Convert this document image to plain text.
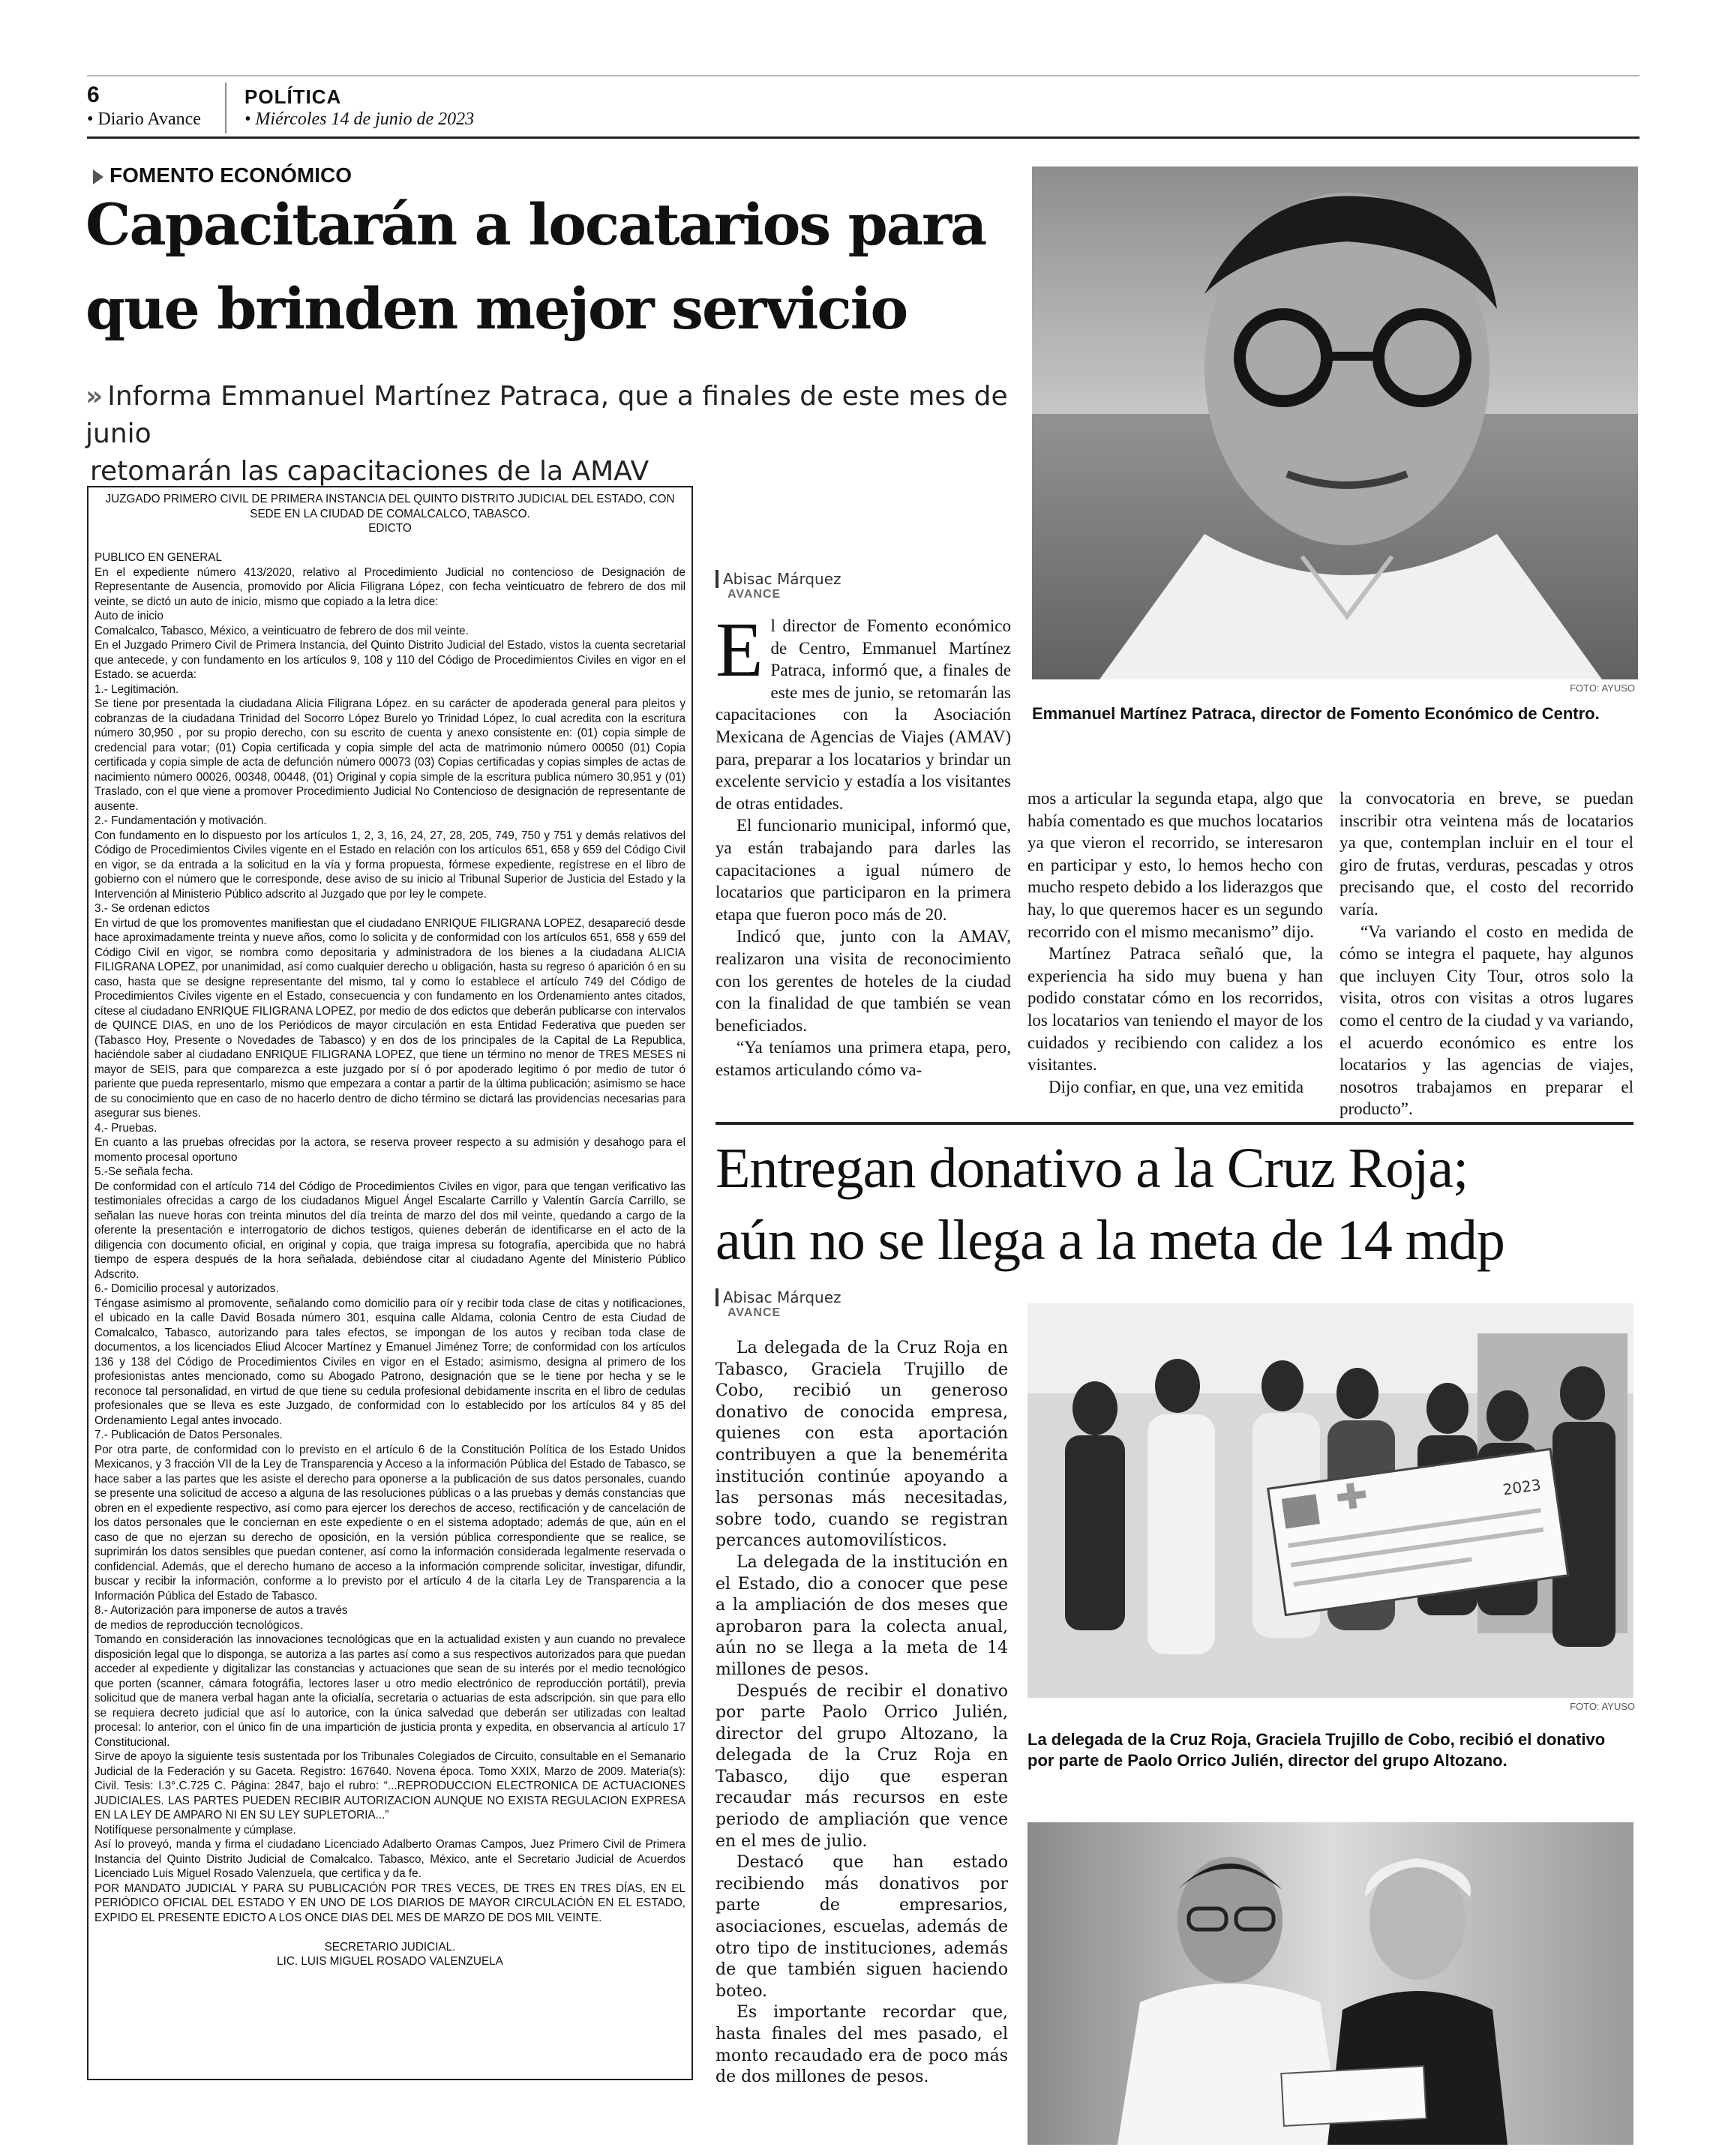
6
• Diario Avance
POLÍTICA
• Miércoles 14 de junio de 2023
FOMENTO ECONÓMICO
Capacitarán a locatarios para
que brinden mejor servicio
» Informa Emmanuel Martínez Patraca, que a finales de este mes de junio
retomarán las capacitaciones de la AMAV
FOTO: AYUSO
Emmanuel Martínez Patraca, director de Fomento Económico de Centro.
Abisac Márquez
AVANCE

El director de Fomento económico de Centro, Emmanuel Martínez Patraca, informó que, a finales de este mes de junio, se retomarán las capacitaciones con la Asociación Mexicana de Agencias de Viajes (AMAV) para, preparar a los locatarios y brindar un excelente servicio y estadía a los visitantes de otras entidades.

El funcionario municipal, informó que, ya están trabajando para darles las capacitaciones a igual número de locatarios que participaron en la primera etapa que fueron poco más de 20.

Indicó que, junto con la AMAV, realizaron una visita de reconocimiento con los gerentes de hoteles de la ciudad con la finalidad de que también se vean beneficiados.

“Ya teníamos una primera etapa, pero, estamos articulando cómo va-

mos a articular la segunda etapa, algo que había comentado es que muchos locatarios ya que vieron el recorrido, se interesaron en participar y esto, lo hemos hecho con mucho respeto debido a los liderazgos que hay, lo que queremos hacer es un segundo recorrido con el mismo mecanismo” dijo.

Martínez Patraca señaló que, la experiencia ha sido muy buena y han podido constatar cómo en los recorridos, los locatarios van teniendo el mayor de los cuidados y recibiendo con calidez a los visitantes.

Dijo confiar, en que, una vez emitida

la convocatoria en breve, se puedan inscribir otra veintena más de locatarios ya que, contemplan incluir en el tour el giro de frutas, verduras, pescadas y otros precisando que, el costo del recorrido varía.

“Va variando el costo en medida de cómo se integra el paquete, hay algunos que incluyen City Tour, otros solo la visita, otros con visitas a otros lugares como el centro de la ciudad y va variando, el acuerdo económico es entre los locatarios y las agencias de viajes, nosotros trabajamos en preparar el producto”.

JUZGADO PRIMERO CIVIL DE PRIMERA INSTANCIA DEL QUINTO DISTRITO JUDICIAL DEL ESTADO, CON SEDE EN LA CIUDAD DE COMALCALCO, TABASCO.

EDICTO

PUBLICO EN GENERAL

En el expediente número 413/2020, relativo al Procedimiento Judicial no contencioso de Designación de Representante de Ausencia, promovido por Alicia Filigrana López, con fecha veinticuatro de febrero de dos mil veinte, se dictó un auto de inicio, mismo que copiado a la letra dice:

Auto de inicio

Comalcalco, Tabasco, México, a veinticuatro de febrero de dos mil veinte.

En el Juzgado Primero Civil de Primera Instancia, del Quinto Distrito Judicial del Estado, vistos la cuenta secretarial que antecede, y con fundamento en los artículos 9, 108 y 110 del Código de Procedimientos Civiles en vigor en el Estado. se acuerda:

1.- Legitimación.

Se tiene por presentada la ciudadana Alicia Filigrana López. en su carácter de apoderada general para pleitos y cobranzas de la ciudadana Trinidad del Socorro López Burelo yo Trinidad López, lo cual acredita con la escritura número 30,950 , por su propio derecho, con su escrito de cuenta y anexo consistente en: (01) copia simple de credencial para votar; (01) Copia certificada y copia simple del acta de matrimonio número 00050 (01) Copia certificada y copia simple de acta de defunción número 00073 (03) Copias certificadas y copias simples de actas de nacimiento número 00026, 00348, 00448, (01) Original y copia simple de la escritura publica número 30,951 y (01) Traslado, con el que viene a promover Procedimiento Judicial No Contencioso de designación de representante de ausente.

2.- Fundamentación y motivación.

Con fundamento en lo dispuesto por los artículos 1, 2, 3, 16, 24, 27, 28, 205, 749, 750 y 751 y demás relativos del Código de Procedimientos Civiles vigente en el Estado en relación con los artículos 651, 658 y 659 del Código Civil en vigor, se da entrada a la solicitud en la vía y forma propuesta, fórmese expediente, regístrese en el libro de gobierno con el número que le corresponde, dese aviso de su inicio al Tribunal Superior de Justicia del Estado y la Intervención al Ministerio Público adscrito al Juzgado que por ley le compete.

3.- Se ordenan edictos

En virtud de que los promoventes manifiestan que el ciudadano ENRIQUE FILIGRANA LOPEZ, desapareció desde hace aproximadamente treinta y nueve años, como lo solicita y de conformidad con los artículos 651, 658 y 659 del Código Civil en vigor, se nombra como depositaria y administradora de los bienes a la ciudadana ALICIA FILIGRANA LOPEZ, por unanimidad, así como cualquier derecho u obligación, hasta su regreso ó aparición ó en su caso, hasta que se designe representante del mismo, tal y como lo establece el artículo 749 del Código de Procedimientos Civiles vigente en el Estado, consecuencia y con fundamento en los Ordenamiento antes citados, cítese al ciudadano ENRIQUE FILIGRANA LOPEZ, por medio de dos edictos que deberán publicarse con intervalos de QUINCE DIAS, en uno de los Periódicos de mayor circulación en esta Entidad Federativa que pueden ser (Tabasco Hoy, Presente o Novedades de Tabasco) y en dos de los principales de la Capital de La Republica, haciéndole saber al ciudadano ENRIQUE FILIGRANA LOPEZ, que tiene un término no menor de TRES MESES ni mayor de SEIS, para que comparezca a este juzgado por sí ó por apoderado legitimo ó por medio de tutor ó pariente que pueda representarlo, mismo que empezara a contar a partir de la última publicación; asimismo se hace de su conocimiento que en caso de no hacerlo dentro de dicho término se dictará las providencias necesarias para asegurar sus bienes.

4.- Pruebas.

En cuanto a las pruebas ofrecidas por la actora, se reserva proveer respecto a su admisión y desahogo para el momento procesal oportuno

5.-Se señala fecha.

De conformidad con el artículo 714 del Código de Procedimientos Civiles en vigor, para que tengan verificativo las testimoniales ofrecidas a cargo de los ciudadanos Miguel Ángel Escalarte Carrillo y Valentín García Carrillo, se señalan las nueve horas con treinta minutos del día treinta de marzo del dos mil veinte, quedando a cargo de la oferente la presentación e interrogatorio de dichos testigos, quienes deberán de identificarse en el acto de la diligencia con documento oficial, en original y copia, que traiga impresa su fotografía, apercibida que no habrá tiempo de espera después de la hora señalada, debiéndose citar al ciudadano Agente del Ministerio Público Adscrito.

6.- Domicilio procesal y autorizados.

Téngase asimismo al promovente, señalando como domicilio para oír y recibir toda clase de citas y notificaciones, el ubicado en la calle David Bosada número 301, esquina calle Aldama, colonia Centro de esta Ciudad de Comalcalco, Tabasco, autorizando para tales efectos, se impongan de los autos y reciban toda clase de documentos, a los licenciados Eliud Alcocer Martínez y Emanuel Jiménez Torre; de conformidad con los artículos 136 y 138 del Código de Procedimientos Civiles en vigor en el Estado; asimismo, designa al primero de los profesionistas antes mencionado, como su Abogado Patrono, designación que se le tiene por hecha y se le reconoce tal personalidad, en virtud de que tiene su cedula profesional debidamente inscrita en el libro de cedulas profesionales que se lleva es este Juzgado, de conformidad con lo establecido por los artículos 84 y 85 del Ordenamiento Legal antes invocado.

7.- Publicación de Datos Personales.

Por otra parte, de conformidad con lo previsto en el artículo 6 de la Constitución Política de los Estado Unidos Mexicanos, y 3 fracción VII de la Ley de Transparencia y Acceso a la información Pública del Estado de Tabasco, se hace saber a las partes que les asiste el derecho para oponerse a la publicación de sus datos personales, cuando se presente una solicitud de acceso a alguna de las resoluciones públicas o a las pruebas y demás constancias que obren en el expediente respectivo, así como para ejercer los derechos de acceso, rectificación y de cancelación de los datos personales que le conciernan en este expediente o en el sistema adoptado; además de que, aún en el caso de que no ejerzan su derecho de oposición, en la versión pública correspondiente que se realice, se suprimirán los datos sensibles que puedan contener, así como la información considerada legalmente reservada o confidencial. Además, que el derecho humano de acceso a la información comprende solicitar, investigar, difundir, buscar y recibir la información, conforme a lo previsto por el artículo 4 de la citarla Ley de Transparencia a la Información Pública del Estado de Tabasco.

8.- Autorización para imponerse de autos a través

de medios de reproducción tecnológicos.

Tomando en consideración las innovaciones tecnológicas que en la actualidad existen y aun cuando no prevalece disposición legal que lo disponga, se autoriza a las partes así como a sus respectivos autorizados para que puedan acceder al expediente y digitalizar las constancias y actuaciones que sean de su interés por el medio tecnológico que porten (scanner, cámara fotográfia, lectores laser u otro medio electrónico de reproducción portátil), previa solicitud que de manera verbal hagan ante la oficialía, secretaria o actuarias de esta adscripción. sin que para ello se requiera decreto judicial que así lo autorice, con la única salvedad que deberán ser utilizadas con lealtad procesal: lo anterior, con el único fin de una impartición de justicia pronta y expedita, en observancia al artículo 17 Constitucional.

Sirve de apoyo la siguiente tesis sustentada por los Tribunales Colegiados de Circuito, consultable en el Semanario Judicial de la Federación y su Gaceta. Registro: 167640. Novena época. Tomo XXIX, Marzo de 2009. Materia(s): Civil. Tesis: I.3°.C.725 C. Página: 2847, bajo el rubro: “...REPRODUCCION ELECTRONICA DE ACTUACIONES JUDICIALES. LAS PARTES PUEDEN RECIBIR AUTORIZACION AUNQUE NO EXISTA REGULACION EXPRESA EN LA LEY DE AMPARO NI EN SU LEY SUPLETORIA...”

Notifíquese personalmente y cúmplase.

Así lo proveyó, manda y firma el ciudadano Licenciado Adalberto Oramas Campos, Juez Primero Civil de Primera Instancia del Quinto Distrito Judicial de Comalcalco. Tabasco, México, ante el Secretario Judicial de Acuerdos Licenciado Luis Miguel Rosado Valenzuela, que certifica y da fe.

POR MANDATO JUDICIAL Y PARA SU PUBLICACIÓN POR TRES VECES, DE TRES EN TRES DÍAS, EN EL PERIÓDICO OFICIAL DEL ESTADO Y EN UNO DE LOS DIARIOS DE MAYOR CIRCULACIÓN EN EL ESTADO, EXPIDO EL PRESENTE EDICTO A LOS ONCE DIAS DEL MES DE MARZO DE DOS MIL VEINTE.

SECRETARIO JUDICIAL.

LIC. LUIS MIGUEL ROSADO VALENZUELA

Entregan donativo a la Cruz Roja;
aún no se llega a la meta de 14 mdp
Abisac Márquez
AVANCE

La delegada de la Cruz Roja en Tabasco, Graciela Trujillo de Cobo, recibió un generoso donativo de conocida empresa, quienes con esta aportación contribuyen a que la benemérita institución continúe apoyando a las personas más necesitadas, sobre todo, cuando se registran percances automovilísticos.

La delegada de la institución en el Estado, dio a conocer que pese a la ampliación de dos meses que aprobaron para la colecta anual, aún no se llega a la meta de 14 millones de pesos.

Después de recibir el donativo por parte Paolo Orrico Julién, director del grupo Altozano, la delegada de la Cruz Roja en Tabasco, dijo que esperan recaudar más recursos en este periodo de ampliación que vence en el mes de julio.

Destacó que han estado recibiendo más donativos por parte de empresarios, asociaciones, escuelas, además de otro tipo de instituciones, además de que también siguen haciendo boteo.

Es importante recordar que, hasta finales del mes pasado, el monto recaudado era de poco más de dos millones de pesos.

2023
FOTO: AYUSO
La delegada de la Cruz Roja, Graciela Trujillo de Cobo, recibió el donativo por parte de Paolo Orrico Julién, director del grupo Altozano.
